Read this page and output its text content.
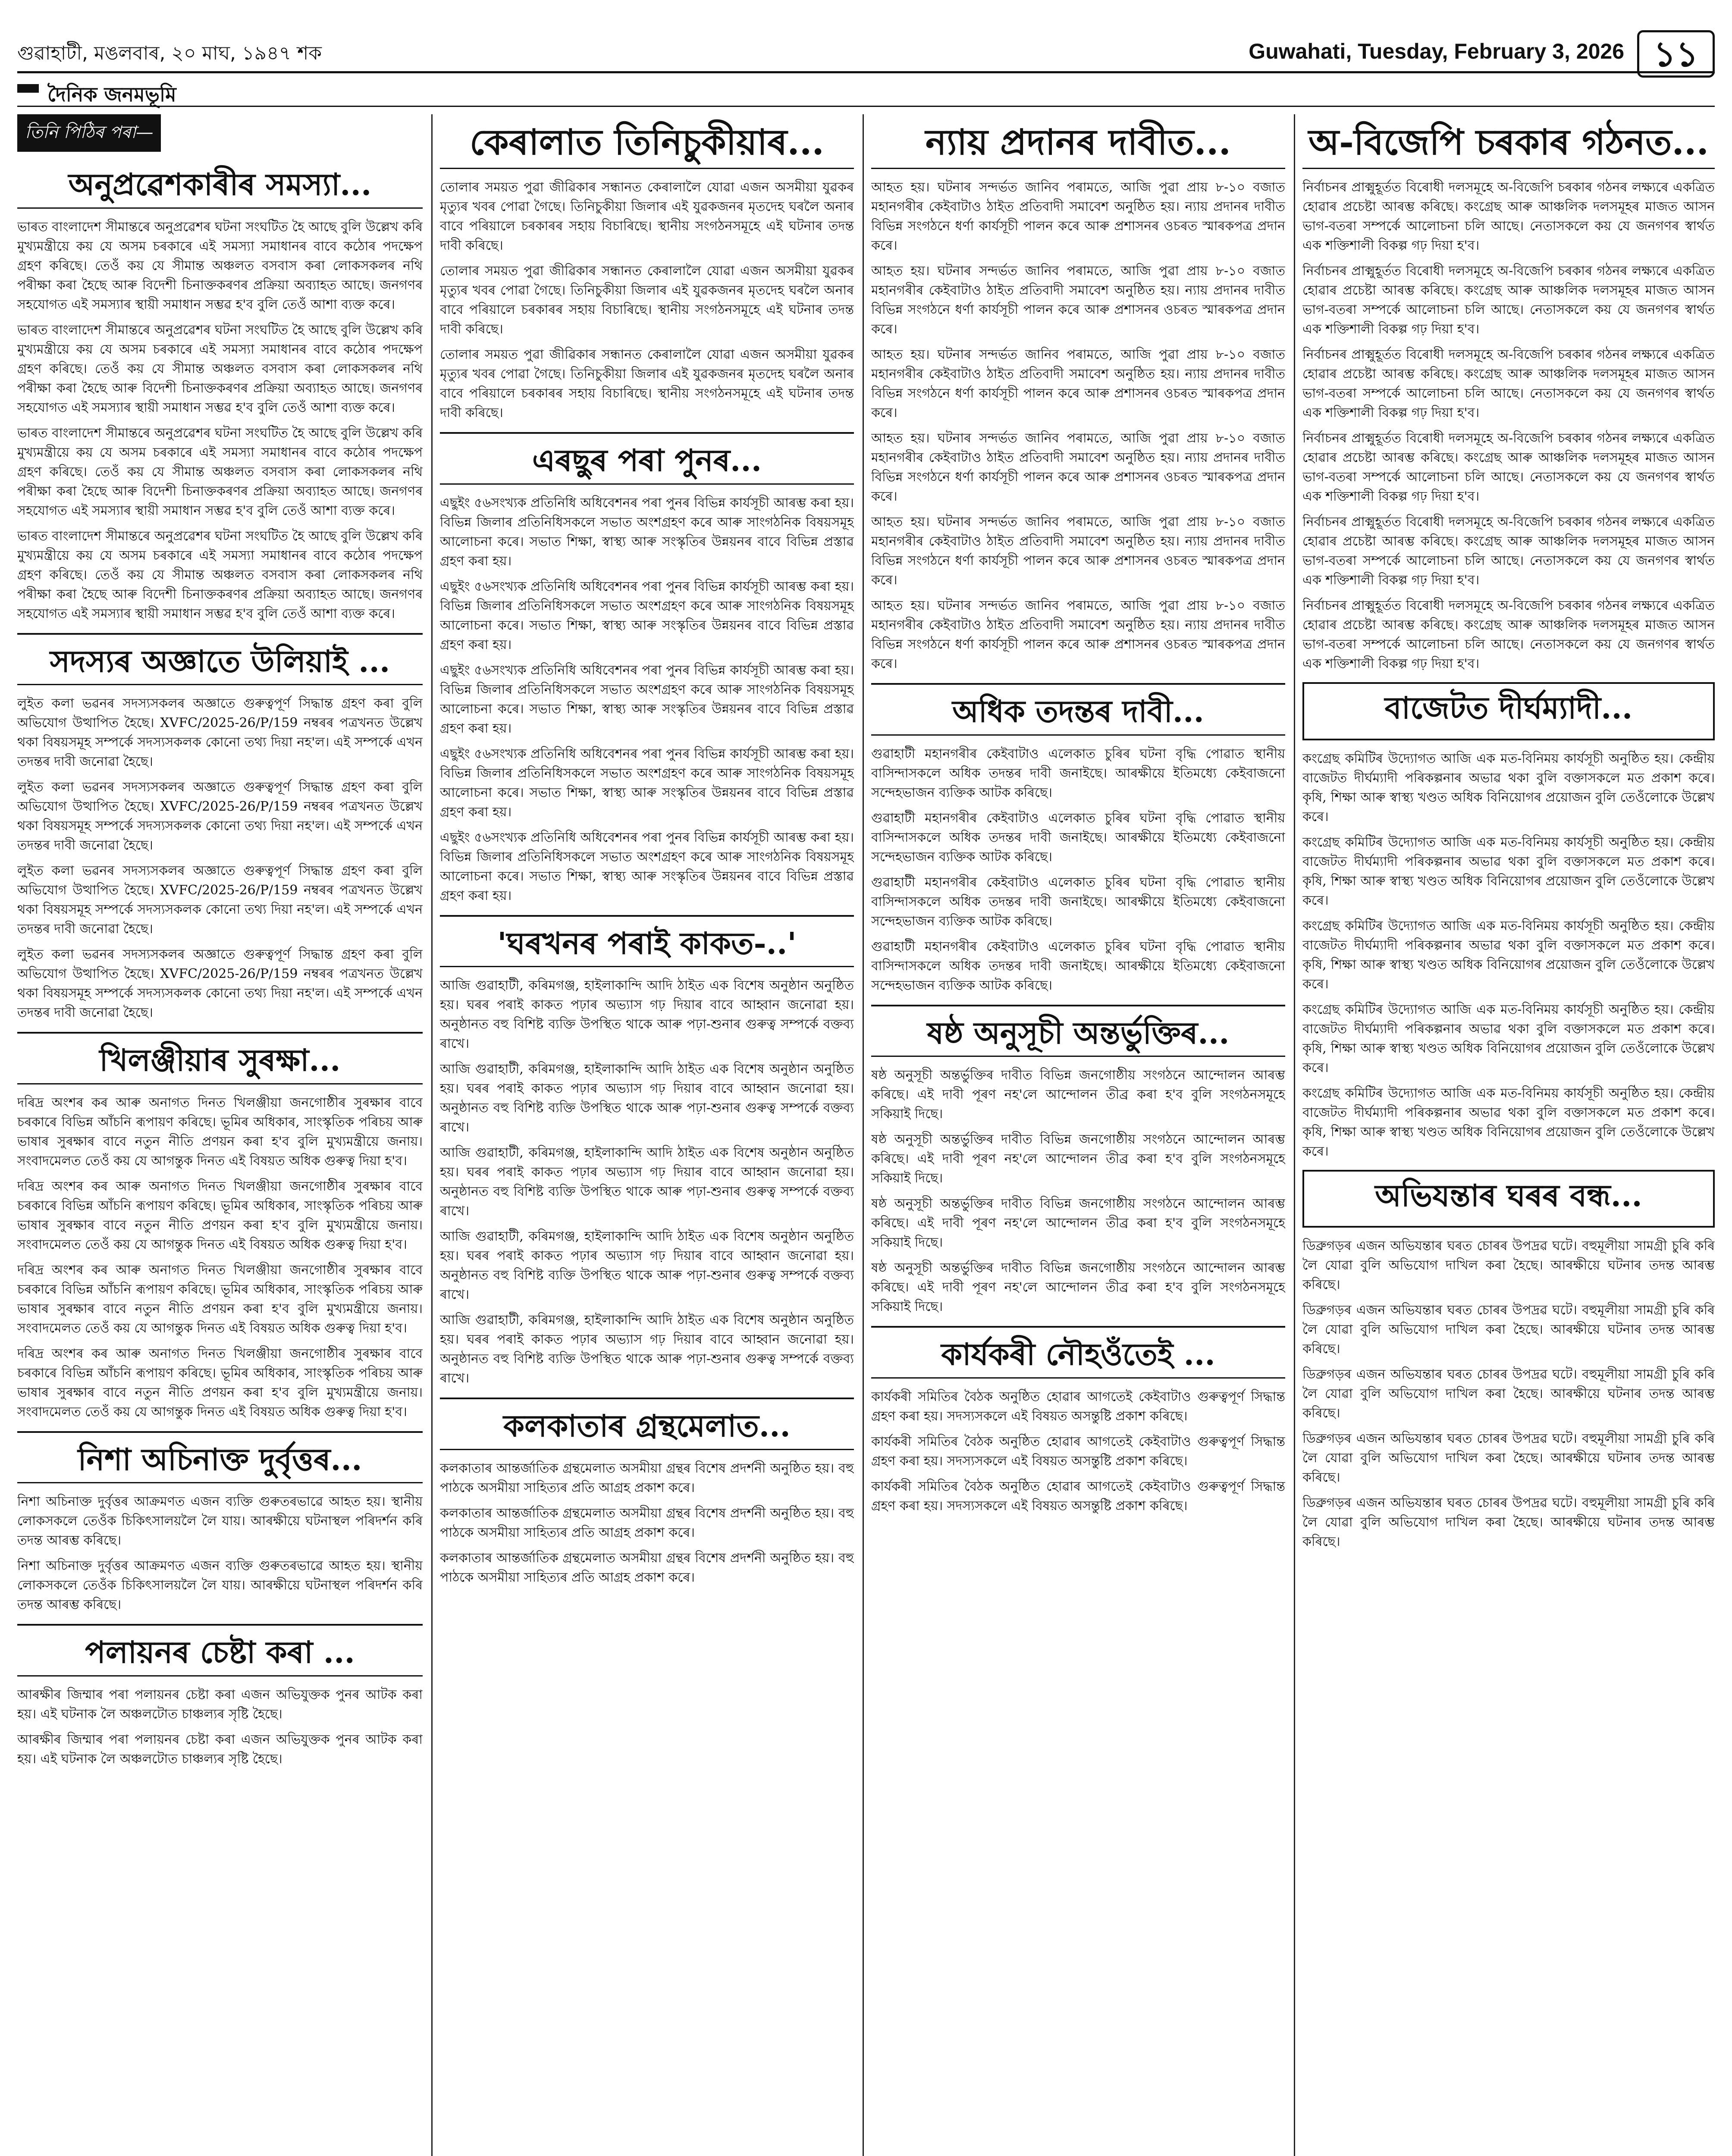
গুৱাহাটী, মঙলবাৰ, ২০ মাঘ, ১৯৪৭ শক	Guwahati, Tuesday, February 3, 2026 ১১
দৈনিক জনমভূমি
তিনি পিঠিৰ পৰা—
অনুপ্ৰৱেশকাৰীৰ সমস্যা...

ভাৰত বাংলাদেশ সীমান্তৰে অনুপ্ৰৱেশৰ ঘটনা সংঘটিত হৈ আছে বুলি উল্লেখ কৰি মুখ্যমন্ত্ৰীয়ে কয় যে অসম চৰকাৰে এই সমস্যা সমাধানৰ বাবে কঠোৰ পদক্ষেপ গ্ৰহণ কৰিছে। তেওঁ কয় যে সীমান্ত অঞ্চলত বসবাস কৰা লোকসকলৰ নথি পৰীক্ষা কৰা হৈছে আৰু বিদেশী চিনাক্তকৰণৰ প্ৰক্ৰিয়া অব্যাহত আছে। জনগণৰ সহযোগত এই সমস্যাৰ স্থায়ী সমাধান সম্ভৱ হ'ব বুলি তেওঁ আশা ব্যক্ত কৰে।

ভাৰত বাংলাদেশ সীমান্তৰে অনুপ্ৰৱেশৰ ঘটনা সংঘটিত হৈ আছে বুলি উল্লেখ কৰি মুখ্যমন্ত্ৰীয়ে কয় যে অসম চৰকাৰে এই সমস্যা সমাধানৰ বাবে কঠোৰ পদক্ষেপ গ্ৰহণ কৰিছে। তেওঁ কয় যে সীমান্ত অঞ্চলত বসবাস কৰা লোকসকলৰ নথি পৰীক্ষা কৰা হৈছে আৰু বিদেশী চিনাক্তকৰণৰ প্ৰক্ৰিয়া অব্যাহত আছে। জনগণৰ সহযোগত এই সমস্যাৰ স্থায়ী সমাধান সম্ভৱ হ'ব বুলি তেওঁ আশা ব্যক্ত কৰে।

ভাৰত বাংলাদেশ সীমান্তৰে অনুপ্ৰৱেশৰ ঘটনা সংঘটিত হৈ আছে বুলি উল্লেখ কৰি মুখ্যমন্ত্ৰীয়ে কয় যে অসম চৰকাৰে এই সমস্যা সমাধানৰ বাবে কঠোৰ পদক্ষেপ গ্ৰহণ কৰিছে। তেওঁ কয় যে সীমান্ত অঞ্চলত বসবাস কৰা লোকসকলৰ নথি পৰীক্ষা কৰা হৈছে আৰু বিদেশী চিনাক্তকৰণৰ প্ৰক্ৰিয়া অব্যাহত আছে। জনগণৰ সহযোগত এই সমস্যাৰ স্থায়ী সমাধান সম্ভৱ হ'ব বুলি তেওঁ আশা ব্যক্ত কৰে।

ভাৰত বাংলাদেশ সীমান্তৰে অনুপ্ৰৱেশৰ ঘটনা সংঘটিত হৈ আছে বুলি উল্লেখ কৰি মুখ্যমন্ত্ৰীয়ে কয় যে অসম চৰকাৰে এই সমস্যা সমাধানৰ বাবে কঠোৰ পদক্ষেপ গ্ৰহণ কৰিছে। তেওঁ কয় যে সীমান্ত অঞ্চলত বসবাস কৰা লোকসকলৰ নথি পৰীক্ষা কৰা হৈছে আৰু বিদেশী চিনাক্তকৰণৰ প্ৰক্ৰিয়া অব্যাহত আছে। জনগণৰ সহযোগত এই সমস্যাৰ স্থায়ী সমাধান সম্ভৱ হ'ব বুলি তেওঁ আশা ব্যক্ত কৰে।

সদস্যৰ অজ্ঞাতে উলিয়াই ...

লুইত কলা ভৱনৰ সদস্যসকলৰ অজ্ঞাতে গুৰুত্বপূৰ্ণ সিদ্ধান্ত গ্ৰহণ কৰা বুলি অভিযোগ উত্থাপিত হৈছে। XVFC/2025-26/P/159 নম্বৰৰ পত্ৰখনত উল্লেখ থকা বিষয়সমূহ সম্পৰ্কে সদস্যসকলক কোনো তথ্য দিয়া নহ'ল। এই সম্পৰ্কে এখন তদন্তৰ দাবী জনোৱা হৈছে।

লুইত কলা ভৱনৰ সদস্যসকলৰ অজ্ঞাতে গুৰুত্বপূৰ্ণ সিদ্ধান্ত গ্ৰহণ কৰা বুলি অভিযোগ উত্থাপিত হৈছে। XVFC/2025-26/P/159 নম্বৰৰ পত্ৰখনত উল্লেখ থকা বিষয়সমূহ সম্পৰ্কে সদস্যসকলক কোনো তথ্য দিয়া নহ'ল। এই সম্পৰ্কে এখন তদন্তৰ দাবী জনোৱা হৈছে।

লুইত কলা ভৱনৰ সদস্যসকলৰ অজ্ঞাতে গুৰুত্বপূৰ্ণ সিদ্ধান্ত গ্ৰহণ কৰা বুলি অভিযোগ উত্থাপিত হৈছে। XVFC/2025-26/P/159 নম্বৰৰ পত্ৰখনত উল্লেখ থকা বিষয়সমূহ সম্পৰ্কে সদস্যসকলক কোনো তথ্য দিয়া নহ'ল। এই সম্পৰ্কে এখন তদন্তৰ দাবী জনোৱা হৈছে।

লুইত কলা ভৱনৰ সদস্যসকলৰ অজ্ঞাতে গুৰুত্বপূৰ্ণ সিদ্ধান্ত গ্ৰহণ কৰা বুলি অভিযোগ উত্থাপিত হৈছে। XVFC/2025-26/P/159 নম্বৰৰ পত্ৰখনত উল্লেখ থকা বিষয়সমূহ সম্পৰ্কে সদস্যসকলক কোনো তথ্য দিয়া নহ'ল। এই সম্পৰ্কে এখন তদন্তৰ দাবী জনোৱা হৈছে।

খিলঞ্জীয়াৰ সুৰক্ষা...

দৰিদ্ৰ অংশৰ কৰ আৰু অনাগত দিনত খিলঞ্জীয়া জনগোষ্ঠীৰ সুৰক্ষাৰ বাবে চৰকাৰে বিভিন্ন আঁচনি ৰূপায়ণ কৰিছে। ভূমিৰ অধিকাৰ, সাংস্কৃতিক পৰিচয় আৰু ভাষাৰ সুৰক্ষাৰ বাবে নতুন নীতি প্ৰণয়ন কৰা হ'ব বুলি মুখ্যমন্ত্ৰীয়ে জনায়। সংবাদমেলত তেওঁ কয় যে আগন্তুক দিনত এই বিষয়ত অধিক গুৰুত্ব দিয়া হ'ব।

দৰিদ্ৰ অংশৰ কৰ আৰু অনাগত দিনত খিলঞ্জীয়া জনগোষ্ঠীৰ সুৰক্ষাৰ বাবে চৰকাৰে বিভিন্ন আঁচনি ৰূপায়ণ কৰিছে। ভূমিৰ অধিকাৰ, সাংস্কৃতিক পৰিচয় আৰু ভাষাৰ সুৰক্ষাৰ বাবে নতুন নীতি প্ৰণয়ন কৰা হ'ব বুলি মুখ্যমন্ত্ৰীয়ে জনায়। সংবাদমেলত তেওঁ কয় যে আগন্তুক দিনত এই বিষয়ত অধিক গুৰুত্ব দিয়া হ'ব।

দৰিদ্ৰ অংশৰ কৰ আৰু অনাগত দিনত খিলঞ্জীয়া জনগোষ্ঠীৰ সুৰক্ষাৰ বাবে চৰকাৰে বিভিন্ন আঁচনি ৰূপায়ণ কৰিছে। ভূমিৰ অধিকাৰ, সাংস্কৃতিক পৰিচয় আৰু ভাষাৰ সুৰক্ষাৰ বাবে নতুন নীতি প্ৰণয়ন কৰা হ'ব বুলি মুখ্যমন্ত্ৰীয়ে জনায়। সংবাদমেলত তেওঁ কয় যে আগন্তুক দিনত এই বিষয়ত অধিক গুৰুত্ব দিয়া হ'ব।

দৰিদ্ৰ অংশৰ কৰ আৰু অনাগত দিনত খিলঞ্জীয়া জনগোষ্ঠীৰ সুৰক্ষাৰ বাবে চৰকাৰে বিভিন্ন আঁচনি ৰূপায়ণ কৰিছে। ভূমিৰ অধিকাৰ, সাংস্কৃতিক পৰিচয় আৰু ভাষাৰ সুৰক্ষাৰ বাবে নতুন নীতি প্ৰণয়ন কৰা হ'ব বুলি মুখ্যমন্ত্ৰীয়ে জনায়। সংবাদমেলত তেওঁ কয় যে আগন্তুক দিনত এই বিষয়ত অধিক গুৰুত্ব দিয়া হ'ব।

নিশা অচিনাক্ত দুৰ্বৃত্তৰ...

নিশা অচিনাক্ত দুৰ্বৃত্তৰ আক্ৰমণত এজন ব্যক্তি গুৰুতৰভাৱে আহত হয়। স্থানীয় লোকসকলে তেওঁক চিকিৎসালয়লৈ লৈ যায়। আৰক্ষীয়ে ঘটনাস্থল পৰিদৰ্শন কৰি তদন্ত আৰম্ভ কৰিছে।

নিশা অচিনাক্ত দুৰ্বৃত্তৰ আক্ৰমণত এজন ব্যক্তি গুৰুতৰভাৱে আহত হয়। স্থানীয় লোকসকলে তেওঁক চিকিৎসালয়লৈ লৈ যায়। আৰক্ষীয়ে ঘটনাস্থল পৰিদৰ্শন কৰি তদন্ত আৰম্ভ কৰিছে।

পলায়নৰ চেষ্টা কৰা ...

আৰক্ষীৰ জিম্মাৰ পৰা পলায়নৰ চেষ্টা কৰা এজন অভিযুক্তক পুনৰ আটক কৰা হয়। এই ঘটনাক লৈ অঞ্চলটোত চাঞ্চল্যৰ সৃষ্টি হৈছে।

আৰক্ষীৰ জিম্মাৰ পৰা পলায়নৰ চেষ্টা কৰা এজন অভিযুক্তক পুনৰ আটক কৰা হয়। এই ঘটনাক লৈ অঞ্চলটোত চাঞ্চল্যৰ সৃষ্টি হৈছে।

কেৰালাত তিনিচুকীয়াৰ...

তোলাৰ সময়ত পুৱা জীৱিকাৰ সন্ধানত কেৰালালৈ যোৱা এজন অসমীয়া যুৱকৰ মৃত্যুৰ খবৰ পোৱা গৈছে। তিনিচুকীয়া জিলাৰ এই যুৱকজনৰ মৃতদেহ ঘৰলৈ অনাৰ বাবে পৰিয়ালে চৰকাৰৰ সহায় বিচাৰিছে। স্থানীয় সংগঠনসমূহে এই ঘটনাৰ তদন্ত দাবী কৰিছে।

তোলাৰ সময়ত পুৱা জীৱিকাৰ সন্ধানত কেৰালালৈ যোৱা এজন অসমীয়া যুৱকৰ মৃত্যুৰ খবৰ পোৱা গৈছে। তিনিচুকীয়া জিলাৰ এই যুৱকজনৰ মৃতদেহ ঘৰলৈ অনাৰ বাবে পৰিয়ালে চৰকাৰৰ সহায় বিচাৰিছে। স্থানীয় সংগঠনসমূহে এই ঘটনাৰ তদন্ত দাবী কৰিছে।

তোলাৰ সময়ত পুৱা জীৱিকাৰ সন্ধানত কেৰালালৈ যোৱা এজন অসমীয়া যুৱকৰ মৃত্যুৰ খবৰ পোৱা গৈছে। তিনিচুকীয়া জিলাৰ এই যুৱকজনৰ মৃতদেহ ঘৰলৈ অনাৰ বাবে পৰিয়ালে চৰকাৰৰ সহায় বিচাৰিছে। স্থানীয় সংগঠনসমূহে এই ঘটনাৰ তদন্ত দাবী কৰিছে।

এৰছুৰ পৰা পুনৰ...

এছুইং ৫৬সংখ্যক প্ৰতিনিধি অধিবেশনৰ পৰা পুনৰ বিভিন্ন কাৰ্যসূচী আৰম্ভ কৰা হয়। বিভিন্ন জিলাৰ প্ৰতিনিধিসকলে সভাত অংশগ্ৰহণ কৰে আৰু সাংগঠনিক বিষয়সমূহ আলোচনা কৰে। সভাত শিক্ষা, স্বাস্থ্য আৰু সংস্কৃতিৰ উন্নয়নৰ বাবে বিভিন্ন প্ৰস্তাৱ গ্ৰহণ কৰা হয়।

এছুইং ৫৬সংখ্যক প্ৰতিনিধি অধিবেশনৰ পৰা পুনৰ বিভিন্ন কাৰ্যসূচী আৰম্ভ কৰা হয়। বিভিন্ন জিলাৰ প্ৰতিনিধিসকলে সভাত অংশগ্ৰহণ কৰে আৰু সাংগঠনিক বিষয়সমূহ আলোচনা কৰে। সভাত শিক্ষা, স্বাস্থ্য আৰু সংস্কৃতিৰ উন্নয়নৰ বাবে বিভিন্ন প্ৰস্তাৱ গ্ৰহণ কৰা হয়।

এছুইং ৫৬সংখ্যক প্ৰতিনিধি অধিবেশনৰ পৰা পুনৰ বিভিন্ন কাৰ্যসূচী আৰম্ভ কৰা হয়। বিভিন্ন জিলাৰ প্ৰতিনিধিসকলে সভাত অংশগ্ৰহণ কৰে আৰু সাংগঠনিক বিষয়সমূহ আলোচনা কৰে। সভাত শিক্ষা, স্বাস্থ্য আৰু সংস্কৃতিৰ উন্নয়নৰ বাবে বিভিন্ন প্ৰস্তাৱ গ্ৰহণ কৰা হয়।

এছুইং ৫৬সংখ্যক প্ৰতিনিধি অধিবেশনৰ পৰা পুনৰ বিভিন্ন কাৰ্যসূচী আৰম্ভ কৰা হয়। বিভিন্ন জিলাৰ প্ৰতিনিধিসকলে সভাত অংশগ্ৰহণ কৰে আৰু সাংগঠনিক বিষয়সমূহ আলোচনা কৰে। সভাত শিক্ষা, স্বাস্থ্য আৰু সংস্কৃতিৰ উন্নয়নৰ বাবে বিভিন্ন প্ৰস্তাৱ গ্ৰহণ কৰা হয়।

এছুইং ৫৬সংখ্যক প্ৰতিনিধি অধিবেশনৰ পৰা পুনৰ বিভিন্ন কাৰ্যসূচী আৰম্ভ কৰা হয়। বিভিন্ন জিলাৰ প্ৰতিনিধিসকলে সভাত অংশগ্ৰহণ কৰে আৰু সাংগঠনিক বিষয়সমূহ আলোচনা কৰে। সভাত শিক্ষা, স্বাস্থ্য আৰু সংস্কৃতিৰ উন্নয়নৰ বাবে বিভিন্ন প্ৰস্তাৱ গ্ৰহণ কৰা হয়।

'ঘৰখনৰ পৰাই কাকত-..'

আজি গুৱাহাটী, কৰিমগঞ্জ, হাইলাকান্দি আদি ঠাইত এক বিশেষ অনুষ্ঠান অনুষ্ঠিত হয়। ঘৰৰ পৰাই কাকত পঢ়াৰ অভ্যাস গঢ় দিয়াৰ বাবে আহ্বান জনোৱা হয়। অনুষ্ঠানত বহু বিশিষ্ট ব্যক্তি উপস্থিত থাকে আৰু পঢ়া-শুনাৰ গুৰুত্ব সম্পৰ্কে বক্তব্য ৰাখে।

আজি গুৱাহাটী, কৰিমগঞ্জ, হাইলাকান্দি আদি ঠাইত এক বিশেষ অনুষ্ঠান অনুষ্ঠিত হয়। ঘৰৰ পৰাই কাকত পঢ়াৰ অভ্যাস গঢ় দিয়াৰ বাবে আহ্বান জনোৱা হয়। অনুষ্ঠানত বহু বিশিষ্ট ব্যক্তি উপস্থিত থাকে আৰু পঢ়া-শুনাৰ গুৰুত্ব সম্পৰ্কে বক্তব্য ৰাখে।

আজি গুৱাহাটী, কৰিমগঞ্জ, হাইলাকান্দি আদি ঠাইত এক বিশেষ অনুষ্ঠান অনুষ্ঠিত হয়। ঘৰৰ পৰাই কাকত পঢ়াৰ অভ্যাস গঢ় দিয়াৰ বাবে আহ্বান জনোৱা হয়। অনুষ্ঠানত বহু বিশিষ্ট ব্যক্তি উপস্থিত থাকে আৰু পঢ়া-শুনাৰ গুৰুত্ব সম্পৰ্কে বক্তব্য ৰাখে।

আজি গুৱাহাটী, কৰিমগঞ্জ, হাইলাকান্দি আদি ঠাইত এক বিশেষ অনুষ্ঠান অনুষ্ঠিত হয়। ঘৰৰ পৰাই কাকত পঢ়াৰ অভ্যাস গঢ় দিয়াৰ বাবে আহ্বান জনোৱা হয়। অনুষ্ঠানত বহু বিশিষ্ট ব্যক্তি উপস্থিত থাকে আৰু পঢ়া-শুনাৰ গুৰুত্ব সম্পৰ্কে বক্তব্য ৰাখে।

আজি গুৱাহাটী, কৰিমগঞ্জ, হাইলাকান্দি আদি ঠাইত এক বিশেষ অনুষ্ঠান অনুষ্ঠিত হয়। ঘৰৰ পৰাই কাকত পঢ়াৰ অভ্যাস গঢ় দিয়াৰ বাবে আহ্বান জনোৱা হয়। অনুষ্ঠানত বহু বিশিষ্ট ব্যক্তি উপস্থিত থাকে আৰু পঢ়া-শুনাৰ গুৰুত্ব সম্পৰ্কে বক্তব্য ৰাখে।

কলকাতাৰ গ্ৰন্থমেলাত...

কলকাতাৰ আন্তৰ্জাতিক গ্ৰন্থমেলাত অসমীয়া গ্ৰন্থৰ বিশেষ প্ৰদৰ্শনী অনুষ্ঠিত হয়। বহু পাঠকে অসমীয়া সাহিত্যৰ প্ৰতি আগ্ৰহ প্ৰকাশ কৰে।

কলকাতাৰ আন্তৰ্জাতিক গ্ৰন্থমেলাত অসমীয়া গ্ৰন্থৰ বিশেষ প্ৰদৰ্শনী অনুষ্ঠিত হয়। বহু পাঠকে অসমীয়া সাহিত্যৰ প্ৰতি আগ্ৰহ প্ৰকাশ কৰে।

কলকাতাৰ আন্তৰ্জাতিক গ্ৰন্থমেলাত অসমীয়া গ্ৰন্থৰ বিশেষ প্ৰদৰ্শনী অনুষ্ঠিত হয়। বহু পাঠকে অসমীয়া সাহিত্যৰ প্ৰতি আগ্ৰহ প্ৰকাশ কৰে।

ন্যায় প্ৰদানৰ দাবীত...

আহত হয়। ঘটনাৰ সন্দৰ্ভত জানিব পৰামতে, আজি পুৱা প্ৰায় ৮-১০ বজাত মহানগৰীৰ কেইবাটাও ঠাইত প্ৰতিবাদী সমাবেশ অনুষ্ঠিত হয়। ন্যায় প্ৰদানৰ দাবীত বিভিন্ন সংগঠনে ধৰ্ণা কাৰ্যসূচী পালন কৰে আৰু প্ৰশাসনৰ ওচৰত স্মাৰকপত্ৰ প্ৰদান কৰে।

আহত হয়। ঘটনাৰ সন্দৰ্ভত জানিব পৰামতে, আজি পুৱা প্ৰায় ৮-১০ বজাত মহানগৰীৰ কেইবাটাও ঠাইত প্ৰতিবাদী সমাবেশ অনুষ্ঠিত হয়। ন্যায় প্ৰদানৰ দাবীত বিভিন্ন সংগঠনে ধৰ্ণা কাৰ্যসূচী পালন কৰে আৰু প্ৰশাসনৰ ওচৰত স্মাৰকপত্ৰ প্ৰদান কৰে।

আহত হয়। ঘটনাৰ সন্দৰ্ভত জানিব পৰামতে, আজি পুৱা প্ৰায় ৮-১০ বজাত মহানগৰীৰ কেইবাটাও ঠাইত প্ৰতিবাদী সমাবেশ অনুষ্ঠিত হয়। ন্যায় প্ৰদানৰ দাবীত বিভিন্ন সংগঠনে ধৰ্ণা কাৰ্যসূচী পালন কৰে আৰু প্ৰশাসনৰ ওচৰত স্মাৰকপত্ৰ প্ৰদান কৰে।

আহত হয়। ঘটনাৰ সন্দৰ্ভত জানিব পৰামতে, আজি পুৱা প্ৰায় ৮-১০ বজাত মহানগৰীৰ কেইবাটাও ঠাইত প্ৰতিবাদী সমাবেশ অনুষ্ঠিত হয়। ন্যায় প্ৰদানৰ দাবীত বিভিন্ন সংগঠনে ধৰ্ণা কাৰ্যসূচী পালন কৰে আৰু প্ৰশাসনৰ ওচৰত স্মাৰকপত্ৰ প্ৰদান কৰে।

আহত হয়। ঘটনাৰ সন্দৰ্ভত জানিব পৰামতে, আজি পুৱা প্ৰায় ৮-১০ বজাত মহানগৰীৰ কেইবাটাও ঠাইত প্ৰতিবাদী সমাবেশ অনুষ্ঠিত হয়। ন্যায় প্ৰদানৰ দাবীত বিভিন্ন সংগঠনে ধৰ্ণা কাৰ্যসূচী পালন কৰে আৰু প্ৰশাসনৰ ওচৰত স্মাৰকপত্ৰ প্ৰদান কৰে।

আহত হয়। ঘটনাৰ সন্দৰ্ভত জানিব পৰামতে, আজি পুৱা প্ৰায় ৮-১০ বজাত মহানগৰীৰ কেইবাটাও ঠাইত প্ৰতিবাদী সমাবেশ অনুষ্ঠিত হয়। ন্যায় প্ৰদানৰ দাবীত বিভিন্ন সংগঠনে ধৰ্ণা কাৰ্যসূচী পালন কৰে আৰু প্ৰশাসনৰ ওচৰত স্মাৰকপত্ৰ প্ৰদান কৰে।

অধিক তদন্তৰ দাবী...

গুৱাহাটী মহানগৰীৰ কেইবাটাও এলেকাত চুৰিৰ ঘটনা বৃদ্ধি পোৱাত স্থানীয় বাসিন্দাসকলে অধিক তদন্তৰ দাবী জনাইছে। আৰক্ষীয়ে ইতিমধ্যে কেইবাজনো সন্দেহভাজন ব্যক্তিক আটক কৰিছে।

গুৱাহাটী মহানগৰীৰ কেইবাটাও এলেকাত চুৰিৰ ঘটনা বৃদ্ধি পোৱাত স্থানীয় বাসিন্দাসকলে অধিক তদন্তৰ দাবী জনাইছে। আৰক্ষীয়ে ইতিমধ্যে কেইবাজনো সন্দেহভাজন ব্যক্তিক আটক কৰিছে।

গুৱাহাটী মহানগৰীৰ কেইবাটাও এলেকাত চুৰিৰ ঘটনা বৃদ্ধি পোৱাত স্থানীয় বাসিন্দাসকলে অধিক তদন্তৰ দাবী জনাইছে। আৰক্ষীয়ে ইতিমধ্যে কেইবাজনো সন্দেহভাজন ব্যক্তিক আটক কৰিছে।

গুৱাহাটী মহানগৰীৰ কেইবাটাও এলেকাত চুৰিৰ ঘটনা বৃদ্ধি পোৱাত স্থানীয় বাসিন্দাসকলে অধিক তদন্তৰ দাবী জনাইছে। আৰক্ষীয়ে ইতিমধ্যে কেইবাজনো সন্দেহভাজন ব্যক্তিক আটক কৰিছে।

ষষ্ঠ অনুসূচী অন্তৰ্ভুক্তিৰ...

ষষ্ঠ অনুসূচী অন্তৰ্ভুক্তিৰ দাবীত বিভিন্ন জনগোষ্ঠীয় সংগঠনে আন্দোলন আৰম্ভ কৰিছে। এই দাবী পূৰণ নহ'লে আন্দোলন তীব্ৰ কৰা হ'ব বুলি সংগঠনসমূহে সকিয়াই দিছে।

ষষ্ঠ অনুসূচী অন্তৰ্ভুক্তিৰ দাবীত বিভিন্ন জনগোষ্ঠীয় সংগঠনে আন্দোলন আৰম্ভ কৰিছে। এই দাবী পূৰণ নহ'লে আন্দোলন তীব্ৰ কৰা হ'ব বুলি সংগঠনসমূহে সকিয়াই দিছে।

ষষ্ঠ অনুসূচী অন্তৰ্ভুক্তিৰ দাবীত বিভিন্ন জনগোষ্ঠীয় সংগঠনে আন্দোলন আৰম্ভ কৰিছে। এই দাবী পূৰণ নহ'লে আন্দোলন তীব্ৰ কৰা হ'ব বুলি সংগঠনসমূহে সকিয়াই দিছে।

ষষ্ঠ অনুসূচী অন্তৰ্ভুক্তিৰ দাবীত বিভিন্ন জনগোষ্ঠীয় সংগঠনে আন্দোলন আৰম্ভ কৰিছে। এই দাবী পূৰণ নহ'লে আন্দোলন তীব্ৰ কৰা হ'ব বুলি সংগঠনসমূহে সকিয়াই দিছে।

কাৰ্যকৰী নৌহওঁতেই ...

কাৰ্যকৰী সমিতিৰ বৈঠক অনুষ্ঠিত হোৱাৰ আগতেই কেইবাটাও গুৰুত্বপূৰ্ণ সিদ্ধান্ত গ্ৰহণ কৰা হয়। সদস্যসকলে এই বিষয়ত অসন্তুষ্টি প্ৰকাশ কৰিছে।

কাৰ্যকৰী সমিতিৰ বৈঠক অনুষ্ঠিত হোৱাৰ আগতেই কেইবাটাও গুৰুত্বপূৰ্ণ সিদ্ধান্ত গ্ৰহণ কৰা হয়। সদস্যসকলে এই বিষয়ত অসন্তুষ্টি প্ৰকাশ কৰিছে।

কাৰ্যকৰী সমিতিৰ বৈঠক অনুষ্ঠিত হোৱাৰ আগতেই কেইবাটাও গুৰুত্বপূৰ্ণ সিদ্ধান্ত গ্ৰহণ কৰা হয়। সদস্যসকলে এই বিষয়ত অসন্তুষ্টি প্ৰকাশ কৰিছে।

অ-বিজেপি চৰকাৰ গঠনত...

নিৰ্বাচনৰ প্ৰাক্মুহূৰ্তত বিৰোধী দলসমূহে অ-বিজেপি চৰকাৰ গঠনৰ লক্ষ্যৰে একত্ৰিত হোৱাৰ প্ৰচেষ্টা আৰম্ভ কৰিছে। কংগ্ৰেছ আৰু আঞ্চলিক দলসমূহৰ মাজত আসন ভাগ-বতৰা সম্পৰ্কে আলোচনা চলি আছে। নেতাসকলে কয় যে জনগণৰ স্বাৰ্থত এক শক্তিশালী বিকল্প গঢ় দিয়া হ'ব।

নিৰ্বাচনৰ প্ৰাক্মুহূৰ্তত বিৰোধী দলসমূহে অ-বিজেপি চৰকাৰ গঠনৰ লক্ষ্যৰে একত্ৰিত হোৱাৰ প্ৰচেষ্টা আৰম্ভ কৰিছে। কংগ্ৰেছ আৰু আঞ্চলিক দলসমূহৰ মাজত আসন ভাগ-বতৰা সম্পৰ্কে আলোচনা চলি আছে। নেতাসকলে কয় যে জনগণৰ স্বাৰ্থত এক শক্তিশালী বিকল্প গঢ় দিয়া হ'ব।

নিৰ্বাচনৰ প্ৰাক্মুহূৰ্তত বিৰোধী দলসমূহে অ-বিজেপি চৰকাৰ গঠনৰ লক্ষ্যৰে একত্ৰিত হোৱাৰ প্ৰচেষ্টা আৰম্ভ কৰিছে। কংগ্ৰেছ আৰু আঞ্চলিক দলসমূহৰ মাজত আসন ভাগ-বতৰা সম্পৰ্কে আলোচনা চলি আছে। নেতাসকলে কয় যে জনগণৰ স্বাৰ্থত এক শক্তিশালী বিকল্প গঢ় দিয়া হ'ব।

নিৰ্বাচনৰ প্ৰাক্মুহূৰ্তত বিৰোধী দলসমূহে অ-বিজেপি চৰকাৰ গঠনৰ লক্ষ্যৰে একত্ৰিত হোৱাৰ প্ৰচেষ্টা আৰম্ভ কৰিছে। কংগ্ৰেছ আৰু আঞ্চলিক দলসমূহৰ মাজত আসন ভাগ-বতৰা সম্পৰ্কে আলোচনা চলি আছে। নেতাসকলে কয় যে জনগণৰ স্বাৰ্থত এক শক্তিশালী বিকল্প গঢ় দিয়া হ'ব।

নিৰ্বাচনৰ প্ৰাক্মুহূৰ্তত বিৰোধী দলসমূহে অ-বিজেপি চৰকাৰ গঠনৰ লক্ষ্যৰে একত্ৰিত হোৱাৰ প্ৰচেষ্টা আৰম্ভ কৰিছে। কংগ্ৰেছ আৰু আঞ্চলিক দলসমূহৰ মাজত আসন ভাগ-বতৰা সম্পৰ্কে আলোচনা চলি আছে। নেতাসকলে কয় যে জনগণৰ স্বাৰ্থত এক শক্তিশালী বিকল্প গঢ় দিয়া হ'ব।

নিৰ্বাচনৰ প্ৰাক্মুহূৰ্তত বিৰোধী দলসমূহে অ-বিজেপি চৰকাৰ গঠনৰ লক্ষ্যৰে একত্ৰিত হোৱাৰ প্ৰচেষ্টা আৰম্ভ কৰিছে। কংগ্ৰেছ আৰু আঞ্চলিক দলসমূহৰ মাজত আসন ভাগ-বতৰা সম্পৰ্কে আলোচনা চলি আছে। নেতাসকলে কয় যে জনগণৰ স্বাৰ্থত এক শক্তিশালী বিকল্প গঢ় দিয়া হ'ব।

বাজেটত দীৰ্ঘম্যাদী...

কংগ্ৰেছ কমিটিৰ উদ্যোগত আজি এক মত-বিনিময় কাৰ্যসূচী অনুষ্ঠিত হয়। কেন্দ্ৰীয় বাজেটত দীৰ্ঘম্যাদী পৰিকল্পনাৰ অভাৱ থকা বুলি বক্তাসকলে মত প্ৰকাশ কৰে। কৃষি, শিক্ষা আৰু স্বাস্থ্য খণ্ডত অধিক বিনিয়োগৰ প্ৰয়োজন বুলি তেওঁলোকে উল্লেখ কৰে।

কংগ্ৰেছ কমিটিৰ উদ্যোগত আজি এক মত-বিনিময় কাৰ্যসূচী অনুষ্ঠিত হয়। কেন্দ্ৰীয় বাজেটত দীৰ্ঘম্যাদী পৰিকল্পনাৰ অভাৱ থকা বুলি বক্তাসকলে মত প্ৰকাশ কৰে। কৃষি, শিক্ষা আৰু স্বাস্থ্য খণ্ডত অধিক বিনিয়োগৰ প্ৰয়োজন বুলি তেওঁলোকে উল্লেখ কৰে।

কংগ্ৰেছ কমিটিৰ উদ্যোগত আজি এক মত-বিনিময় কাৰ্যসূচী অনুষ্ঠিত হয়। কেন্দ্ৰীয় বাজেটত দীৰ্ঘম্যাদী পৰিকল্পনাৰ অভাৱ থকা বুলি বক্তাসকলে মত প্ৰকাশ কৰে। কৃষি, শিক্ষা আৰু স্বাস্থ্য খণ্ডত অধিক বিনিয়োগৰ প্ৰয়োজন বুলি তেওঁলোকে উল্লেখ কৰে।

কংগ্ৰেছ কমিটিৰ উদ্যোগত আজি এক মত-বিনিময় কাৰ্যসূচী অনুষ্ঠিত হয়। কেন্দ্ৰীয় বাজেটত দীৰ্ঘম্যাদী পৰিকল্পনাৰ অভাৱ থকা বুলি বক্তাসকলে মত প্ৰকাশ কৰে। কৃষি, শিক্ষা আৰু স্বাস্থ্য খণ্ডত অধিক বিনিয়োগৰ প্ৰয়োজন বুলি তেওঁলোকে উল্লেখ কৰে।

কংগ্ৰেছ কমিটিৰ উদ্যোগত আজি এক মত-বিনিময় কাৰ্যসূচী অনুষ্ঠিত হয়। কেন্দ্ৰীয় বাজেটত দীৰ্ঘম্যাদী পৰিকল্পনাৰ অভাৱ থকা বুলি বক্তাসকলে মত প্ৰকাশ কৰে। কৃষি, শিক্ষা আৰু স্বাস্থ্য খণ্ডত অধিক বিনিয়োগৰ প্ৰয়োজন বুলি তেওঁলোকে উল্লেখ কৰে।

অভিযন্তাৰ ঘৰৰ বন্ধ...

ডিব্ৰুগড়ৰ এজন অভিযন্তাৰ ঘৰত চোৰৰ উপদ্ৰৱ ঘটে। বহুমূলীয়া সামগ্ৰী চুৰি কৰি লৈ যোৱা বুলি অভিযোগ দাখিল কৰা হৈছে। আৰক্ষীয়ে ঘটনাৰ তদন্ত আৰম্ভ কৰিছে।

ডিব্ৰুগড়ৰ এজন অভিযন্তাৰ ঘৰত চোৰৰ উপদ্ৰৱ ঘটে। বহুমূলীয়া সামগ্ৰী চুৰি কৰি লৈ যোৱা বুলি অভিযোগ দাখিল কৰা হৈছে। আৰক্ষীয়ে ঘটনাৰ তদন্ত আৰম্ভ কৰিছে।

ডিব্ৰুগড়ৰ এজন অভিযন্তাৰ ঘৰত চোৰৰ উপদ্ৰৱ ঘটে। বহুমূলীয়া সামগ্ৰী চুৰি কৰি লৈ যোৱা বুলি অভিযোগ দাখিল কৰা হৈছে। আৰক্ষীয়ে ঘটনাৰ তদন্ত আৰম্ভ কৰিছে।

ডিব্ৰুগড়ৰ এজন অভিযন্তাৰ ঘৰত চোৰৰ উপদ্ৰৱ ঘটে। বহুমূলীয়া সামগ্ৰী চুৰি কৰি লৈ যোৱা বুলি অভিযোগ দাখিল কৰা হৈছে। আৰক্ষীয়ে ঘটনাৰ তদন্ত আৰম্ভ কৰিছে।

ডিব্ৰুগড়ৰ এজন অভিযন্তাৰ ঘৰত চোৰৰ উপদ্ৰৱ ঘটে। বহুমূলীয়া সামগ্ৰী চুৰি কৰি লৈ যোৱা বুলি অভিযোগ দাখিল কৰা হৈছে। আৰক্ষীয়ে ঘটনাৰ তদন্ত আৰম্ভ কৰিছে।
